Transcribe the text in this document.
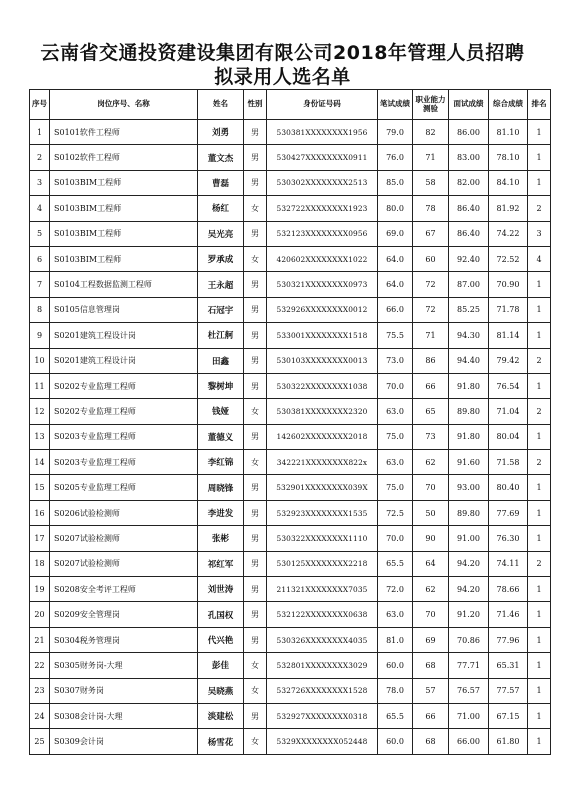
云南省交通投资建设集团有限公司2018年管理人员招聘
拟录用人选名单
序号	岗位序号、名称	姓名	性别	身份证号码	笔试成绩	职业能力测验	面试成绩	综合成绩	排名
1	S0101软件工程师	刘勇	男	530381XXXXXXXX1956	79.0	82	86.00	81.10	1
2	S0102软件工程师	董文杰	男	530427XXXXXXXX0911	76.0	71	83.00	78.10	1
3	S0103BIM工程师	曹磊	男	530302XXXXXXXX2513	85.0	58	82.00	84.10	1
4	S0103BIM工程师	杨红	女	532722XXXXXXXX1923	80.0	78	86.40	81.92	2
5	S0103BIM工程师	吴光亮	男	532123XXXXXXXX0956	69.0	67	86.40	74.22	3
6	S0103BIM工程师	罗承成	女	420602XXXXXXXX1022	64.0	60	92.40	72.52	4
7	S0104工程数据监测工程师	王永超	男	530321XXXXXXXX0973	64.0	72	87.00	70.90	1
8	S0105信息管理岗	石冠宇	男	532926XXXXXXXX0012	66.0	72	85.25	71.78	1
9	S0201建筑工程设计岗	杜江舸	男	533001XXXXXXXX1518	75.5	71	94.30	81.14	1
10	S0201建筑工程设计岗	田鑫	男	530103XXXXXXXX0013	73.0	86	94.40	79.42	2
11	S0202专业监理工程师	黎树坤	男	530322XXXXXXXX1038	70.0	66	91.80	76.54	1
12	S0202专业监理工程师	钱娅	女	530381XXXXXXXX2320	63.0	65	89.80	71.04	2
13	S0203专业监理工程师	董德义	男	142602XXXXXXXX2018	75.0	73	91.80	80.04	1
14	S0203专业监理工程师	李红锦	女	342221XXXXXXXX822x	63.0	62	91.60	71.58	2
15	S0205专业监理工程师	周晓锋	男	532901XXXXXXXX039X	75.0	70	93.00	80.40	1
16	S0206试验检测师	李进发	男	532923XXXXXXXX1535	72.5	50	89.80	77.69	1
17	S0207试验检测师	张彬	男	530322XXXXXXXX1110	70.0	90	91.00	76.30	1
18	S0207试验检测师	祁红军	男	530125XXXXXXXX2218	65.5	64	94.20	74.11	2
19	S0208安全考评工程师	刘世涛	男	211321XXXXXXXX7035	72.0	62	94.20	78.66	1
20	S0209安全管理岗	孔国权	男	532122XXXXXXXX0638	63.0	70	91.20	71.46	1
21	S0304税务管理岗	代兴艳	男	530326XXXXXXXX4035	81.0	69	70.86	77.96	1
22	S0305财务岗-大理	彭佳	女	532801XXXXXXXX3029	60.0	68	77.71	65.31	1
23	S0307财务岗	吴晓燕	女	532726XXXXXXXX1528	78.0	57	76.57	77.57	1
24	S0308会计岗-大理	淡建松	男	532927XXXXXXXX0318	65.5	66	71.00	67.15	1
25	S0309会计岗	杨雪花	女	5329XXXXXXXX052448	60.0	68	66.00	61.80	1
